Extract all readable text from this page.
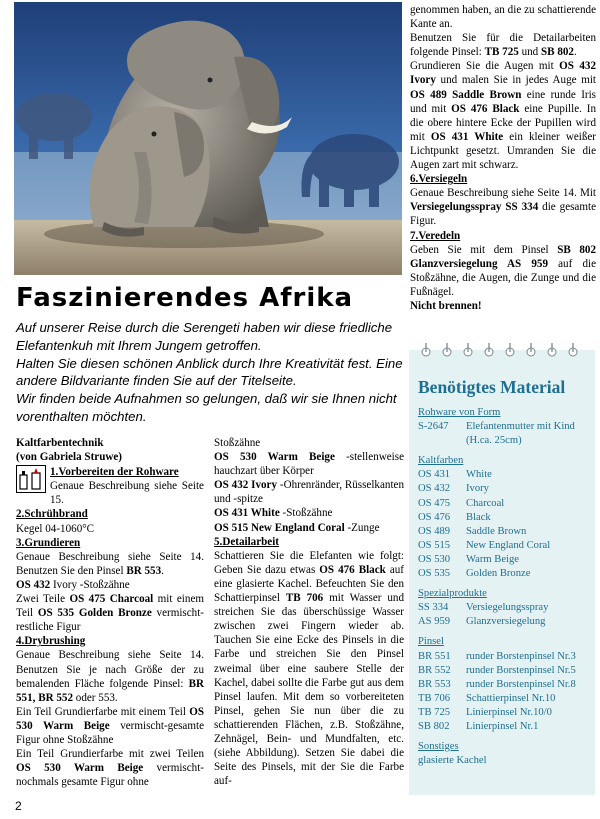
Faszinierendes Afrika

Auf unserer Reise durch die Serengeti haben wir diese friedliche Elefantenkuh mit Ihrem Jungem getroffen.

Halten Sie diesen schönen Anblick durch Ihre Kreativität fest. Eine andere Bildvariante finden Sie auf der Titelseite.

Wir finden beide Aufnahmen so gelungen, daß wir sie Ihnen nicht vorenthalten möchten.

Kaltfarbentechnik

(von Gabriela Struwe)

1.Vorbereiten der Rohware

Genaue Beschreibung siehe Seite 15.

2.Schrühbrand

Kegel 04-1060°C

3.Grundieren

Genaue Beschreibung siehe Seite 14. Benutzen Sie den Pinsel BR 553.

OS 432 Ivory -Stoßzähne

Zwei Teile OS 475 Charcoal mit einem Teil OS 535 Golden Bronze vermischt-restliche Figur

4.Drybrushing

Genaue Beschreibung siehe Seite 14. Benutzen Sie je nach Größe der zu bemalenden Fläche folgende Pinsel: BR 551, BR 552 oder 553.

Ein Teil Grundierfarbe mit einem Teil OS 530 Warm Beige vermischt-gesamte Figur ohne Stoßzähne

Ein Teil Grundierfarbe mit zwei Teilen OS 530 Warm Beige vermischt-nochmals gesamte Figur ohne

Stoßzähne

OS 530 Warm Beige -stellenweise hauchzart über Körper

OS 432 Ivory -Ohrenränder, Rüsselkanten und -spitze

OS 431 White -Stoßzähne

OS 515 New England Coral -Zunge

5.Detailarbeit

Schattieren Sie die Elefanten wie folgt: Geben Sie dazu etwas OS 476 Black auf eine glasierte Kachel. Befeuchten Sie den Schattierpinsel TB 706 mit Wasser und streichen Sie das überschüssige Wasser zwischen zwei Fingern wieder ab. Tauchen Sie eine Ecke des Pinsels in die Farbe und streichen Sie den Pinsel zweimal über eine saubere Stelle der Kachel, dabei sollte die Farbe gut aus dem Pinsel laufen. Mit dem so vorbereiteten Pinsel, gehen Sie nun über die zu schattierenden Flächen, z.B. Stoßzähne, Zehnägel, Bein- und Mundfalten, etc. (siehe Abbildung). Setzen Sie dabei die Seite des Pinsels, mit der Sie die Farbe auf-

genommen haben, an die zu schattierende Kante an.

Benutzen Sie für die Detailarbeiten folgende Pinsel: TB 725 und SB 802.

Grundieren Sie die Augen mit OS 432 Ivory und malen Sie in jedes Auge mit OS 489 Saddle Brown eine runde Iris und mit OS 476 Black eine Pupille. In die obere hintere Ecke der Pupillen wird mit OS 431 White ein kleiner weißer Lichtpunkt gesetzt. Umranden Sie die Augen zart mit schwarz.

6.Versiegeln

Genaue Beschreibung siehe Seite 14. Mit Versiegelungsspray SS 334 die gesamte Figur.

7.Veredeln

Geben Sie mit dem Pinsel SB 802 Glanzversiegelung AS 959 auf die Stoßzähne, die Augen, die Zunge und die Fußnägel.

Nicht brennen!

Benötigtes Material
Rohware von Form
S-2647	Elefantenmutter mit Kind (H.ca. 25cm)
Kaltfarben
OS 431	White
OS 432	Ivory
OS 475	Charcoal
OS 476	Black
OS 489	Saddle Brown
OS 515	New England Coral
OS 530	Warm Beige
OS 535	Golden Bronze
Spezialprodukte
SS 334	Versiegelungsspray
AS 959	Glanzversiegelung
Pinsel
BR 551	runder Borstenpinsel Nr.3
BR 552	runder Borstenpinsel Nr.5
BR 553	runder Borstenpinsel Nr.8
TB 706	Schattierpinsel Nr.10
TB 725	Linierpinsel Nr.10/0
SB 802	Linierpinsel Nr.1
Sonstiges
glasierte Kachel
2
